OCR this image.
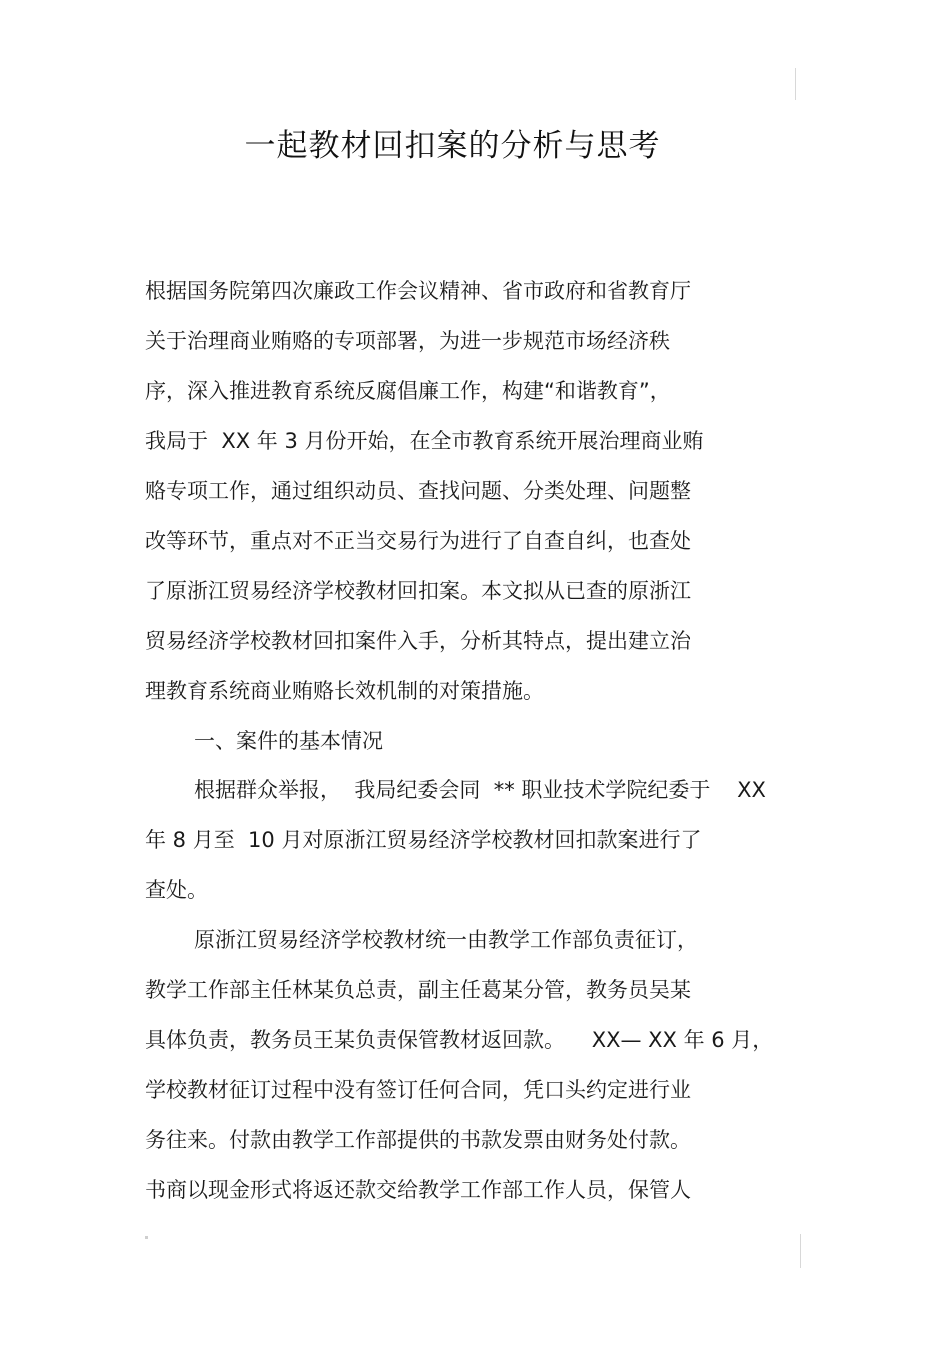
一起教材回扣案的分析与思考

根据国务院第四次廉政工作会议精神、省市政府和省教育厅

关于治理商业贿赂的专项部署，为进一步规范市场经济秩

序，深入推进教育系统反腐倡廉工作，构建“和谐教育”，

我局于  XX 年 3 月份开始，在全市教育系统开展治理商业贿

赂专项工作，通过组织动员、查找问题、分类处理、问题整

改等环节，重点对不正当交易行为进行了自查自纠，也查处

了原浙江贸易经济学校教材回扣案。本文拟从已查的原浙江

贸易经济学校教材回扣案件入手，分析其特点，提出建立治

理教育系统商业贿赂长效机制的对策措施。

一、案件的基本情况

根据群众举报，  我局纪委会同  ** 职业技术学院纪委于    XX

年 8 月至  10 月对原浙江贸易经济学校教材回扣款案进行了

查处。

原浙江贸易经济学校教材统一由教学工作部负责征订，

教学工作部主任林某负总责，副主任葛某分管，教务员吴某

具体负责，教务员王某负责保管教材返回款。    XX— XX 年 6 月，

学校教材征订过程中没有签订任何合同，凭口头约定进行业

务往来。付款由教学工作部提供的书款发票由财务处付款。

书商以现金形式将返还款交给教学工作部工作人员，保管人
